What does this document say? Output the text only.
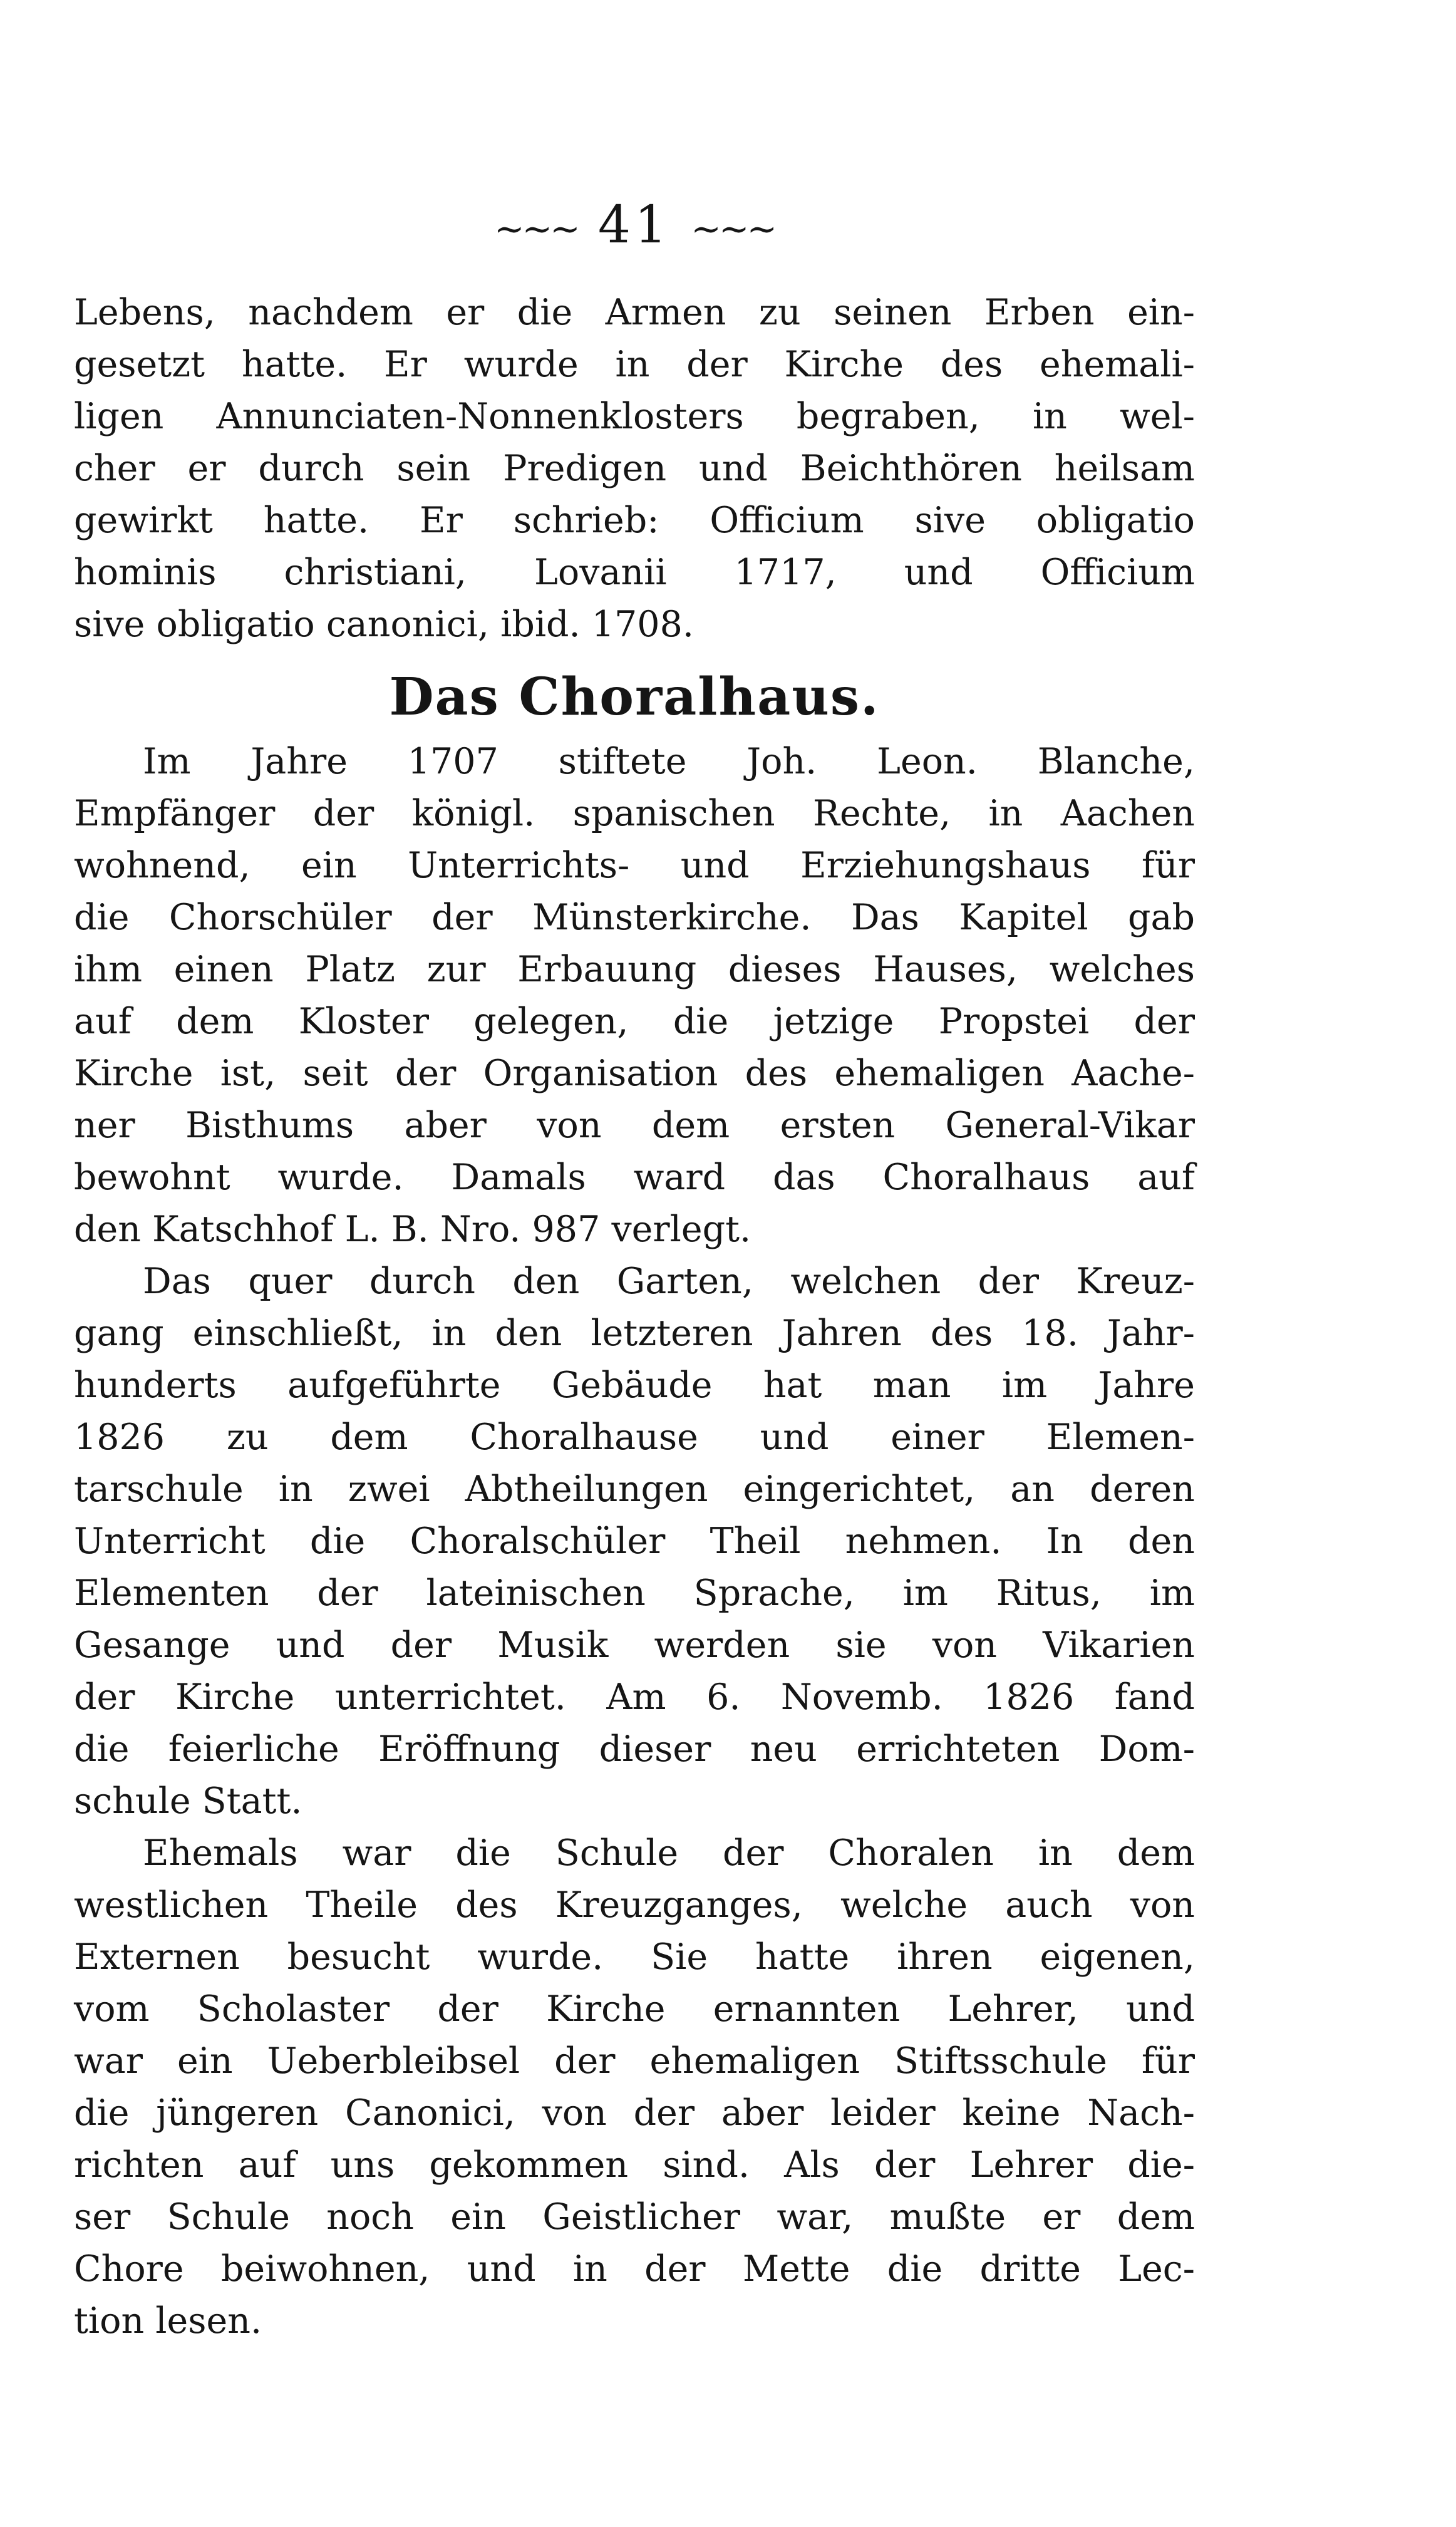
~~~ 41 ~~~
Lebens, nachdem er die Armen zu seinen Erben ein-
gesetzt hatte. Er wurde in der Kirche des ehemali-
ligen Annunciaten-Nonnenklosters begraben, in wel-
cher er durch sein Predigen und Beichthören heilsam
gewirkt hatte. Er schrieb: Officium sive obligatio
hominis christiani, Lovanii 1717, und Officium
sive obligatio canonici, ibid. 1708.
Das Choralhaus.
Im Jahre 1707 stiftete Joh. Leon. Blanche,
Empfänger der königl. spanischen Rechte, in Aachen
wohnend, ein Unterrichts- und Erziehungshaus für
die Chorschüler der Münsterkirche. Das Kapitel gab
ihm einen Platz zur Erbauung dieses Hauses, welches
auf dem Kloster gelegen, die jetzige Propstei der
Kirche ist, seit der Organisation des ehemaligen Aache-
ner Bisthums aber von dem ersten General-Vikar
bewohnt wurde. Damals ward das Choralhaus auf
den Katschhof L. B. Nro. 987 verlegt.
Das quer durch den Garten, welchen der Kreuz-
gang einschließt, in den letzteren Jahren des 18. Jahr-
hunderts aufgeführte Gebäude hat man im Jahre
1826 zu dem Choralhause und einer Elemen-
tarschule in zwei Abtheilungen eingerichtet, an deren
Unterricht die Choralschüler Theil nehmen. In den
Elementen der lateinischen Sprache, im Ritus, im
Gesange und der Musik werden sie von Vikarien
der Kirche unterrichtet. Am 6. Novemb. 1826 fand
die feierliche Eröffnung dieser neu errichteten Dom-
schule Statt.
Ehemals war die Schule der Choralen in dem
westlichen Theile des Kreuzganges, welche auch von
Externen besucht wurde. Sie hatte ihren eigenen,
vom Scholaster der Kirche ernannten Lehrer, und
war ein Ueberbleibsel der ehemaligen Stiftsschule für
die jüngeren Canonici, von der aber leider keine Nach-
richten auf uns gekommen sind. Als der Lehrer die-
ser Schule noch ein Geistlicher war, mußte er dem
Chore beiwohnen, und in der Mette die dritte Lec-
tion lesen.
